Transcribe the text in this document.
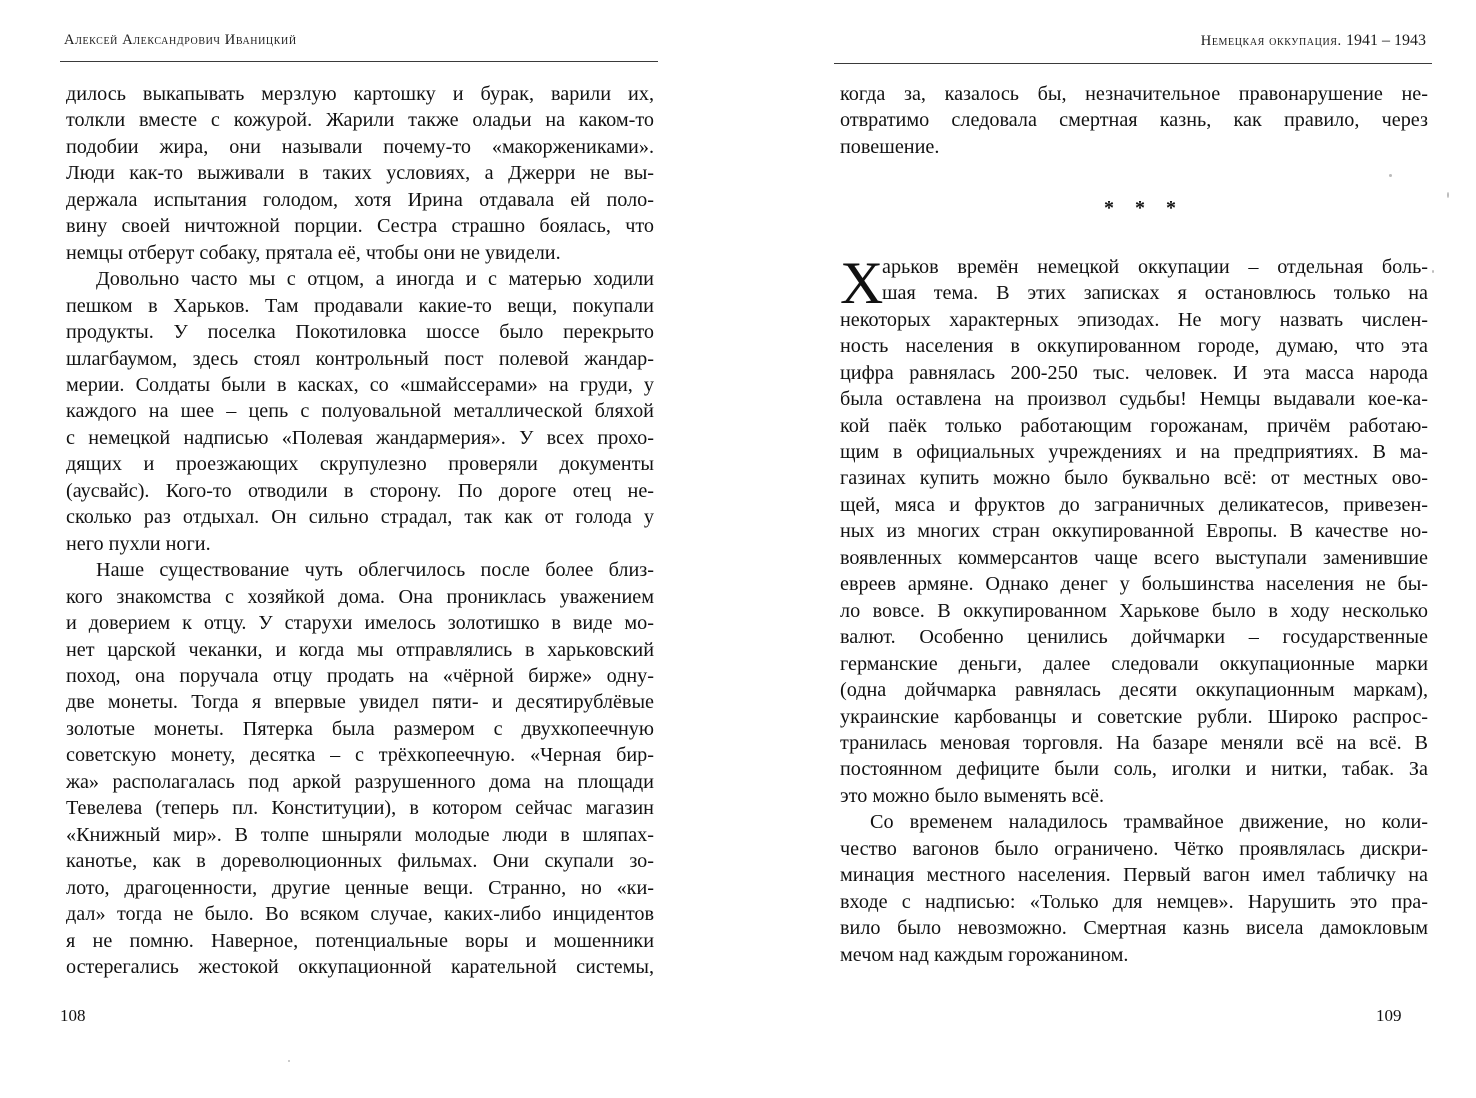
Алексей Александрович Иваницкий
дилось выкапывать мерзлую картошку и бурак, варили их,
толкли вместе с кожурой. Жарили также оладьи на каком-то
подобии жира, они называли почему-то «макоржениками».
Люди как-то выживали в таких условиях, а Джерри не вы-
держала испытания голодом, хотя Ирина отдавала ей поло-
вину своей ничтожной порции. Сестра страшно боялась, что
немцы отберут собаку, прятала её, чтобы они не увидели.
Довольно часто мы с отцом, а иногда и с матерью ходили
пешком в Харьков. Там продавали какие-то вещи, покупали
продукты. У поселка Покотиловка шоссе было перекрыто
шлагбаумом, здесь стоял контрольный пост полевой жандар-
мерии. Солдаты были в касках, со «шмайссерами» на груди, у
каждого на шее – цепь с полуовальной металлической бляхой
с немецкой надписью «Полевая жандармерия». У всех прохо-
дящих и проезжающих скрупулезно проверяли документы
(аусвайс). Кого-то отводили в сторону. По дороге отец не-
сколько раз отдыхал. Он сильно страдал, так как от голода у
него пухли ноги.
Наше существование чуть облегчилось после более близ-
кого знакомства с хозяйкой дома. Она прониклась уважением
и доверием к отцу. У старухи имелось золотишко в виде мо-
нет царской чеканки, и когда мы отправлялись в харьковский
поход, она поручала отцу продать на «чёрной бирже» одну-
две монеты. Тогда я впервые увидел пяти- и десятирублёвые
золотые монеты. Пятерка была размером с двухкопеечную
советскую монету, десятка – с трёхкопеечную. «Черная бир-
жа» располагалась под аркой разрушенного дома на площади
Тевелева (теперь пл. Конституции), в котором сейчас магазин
«Книжный мир». В толпе шныряли молодые люди в шляпах-
канотье, как в дореволюционных фильмах. Они скупали зо-
лото, драгоценности, другие ценные вещи. Странно, но «ки-
дал» тогда не было. Во всяком случае, каких-либо инцидентов
я не помню. Наверное, потенциальные воры и мошенники
остерегались жестокой оккупационной карательной системы,
108
Немецкая оккупация. 1941 – 1943
когда за, казалось бы, незначительное правонарушение не-
отвратимо следовала смертная казнь, как правило, через
повешение.
* * *
Х
арьков времён немецкой оккупации – отдельная боль-
шая тема. В этих записках я остановлюсь только на
некоторых характерных эпизодах. Не могу назвать числен-
ность населения в оккупированном городе, думаю, что эта
цифра равнялась 200-250 тыс. человек. И эта масса народа
была оставлена на произвол судьбы! Немцы выдавали кое-ка-
кой паёк только работающим горожанам, причём работаю-
щим в официальных учреждениях и на предприятиях. В ма-
газинах купить можно было буквально всё: от местных ово-
щей, мяса и фруктов до заграничных деликатесов, привезен-
ных из многих стран оккупированной Европы. В качестве но-
воявленных коммерсантов чаще всего выступали заменившие
евреев армяне. Однако денег у большинства населения не бы-
ло вовсе. В оккупированном Харькове было в ходу несколько
валют. Особенно ценились дойчмарки – государственные
германские деньги, далее следовали оккупационные марки
(одна дойчмарка равнялась десяти оккупационным маркам),
украинские карбованцы и советские рубли. Широко распрос-
транилась меновая торговля. На базаре меняли всё на всё. В
постоянном дефиците были соль, иголки и нитки, табак. За
это можно было выменять всё.
Со временем наладилось трамвайное движение, но коли-
чество вагонов было ограничено. Чётко проявлялась дискри-
минация местного населения. Первый вагон имел табличку на
входе с надписью: «Только для немцев». Нарушить это пра-
вило было невозможно. Смертная казнь висела дамокловым
мечом над каждым горожанином.
109
